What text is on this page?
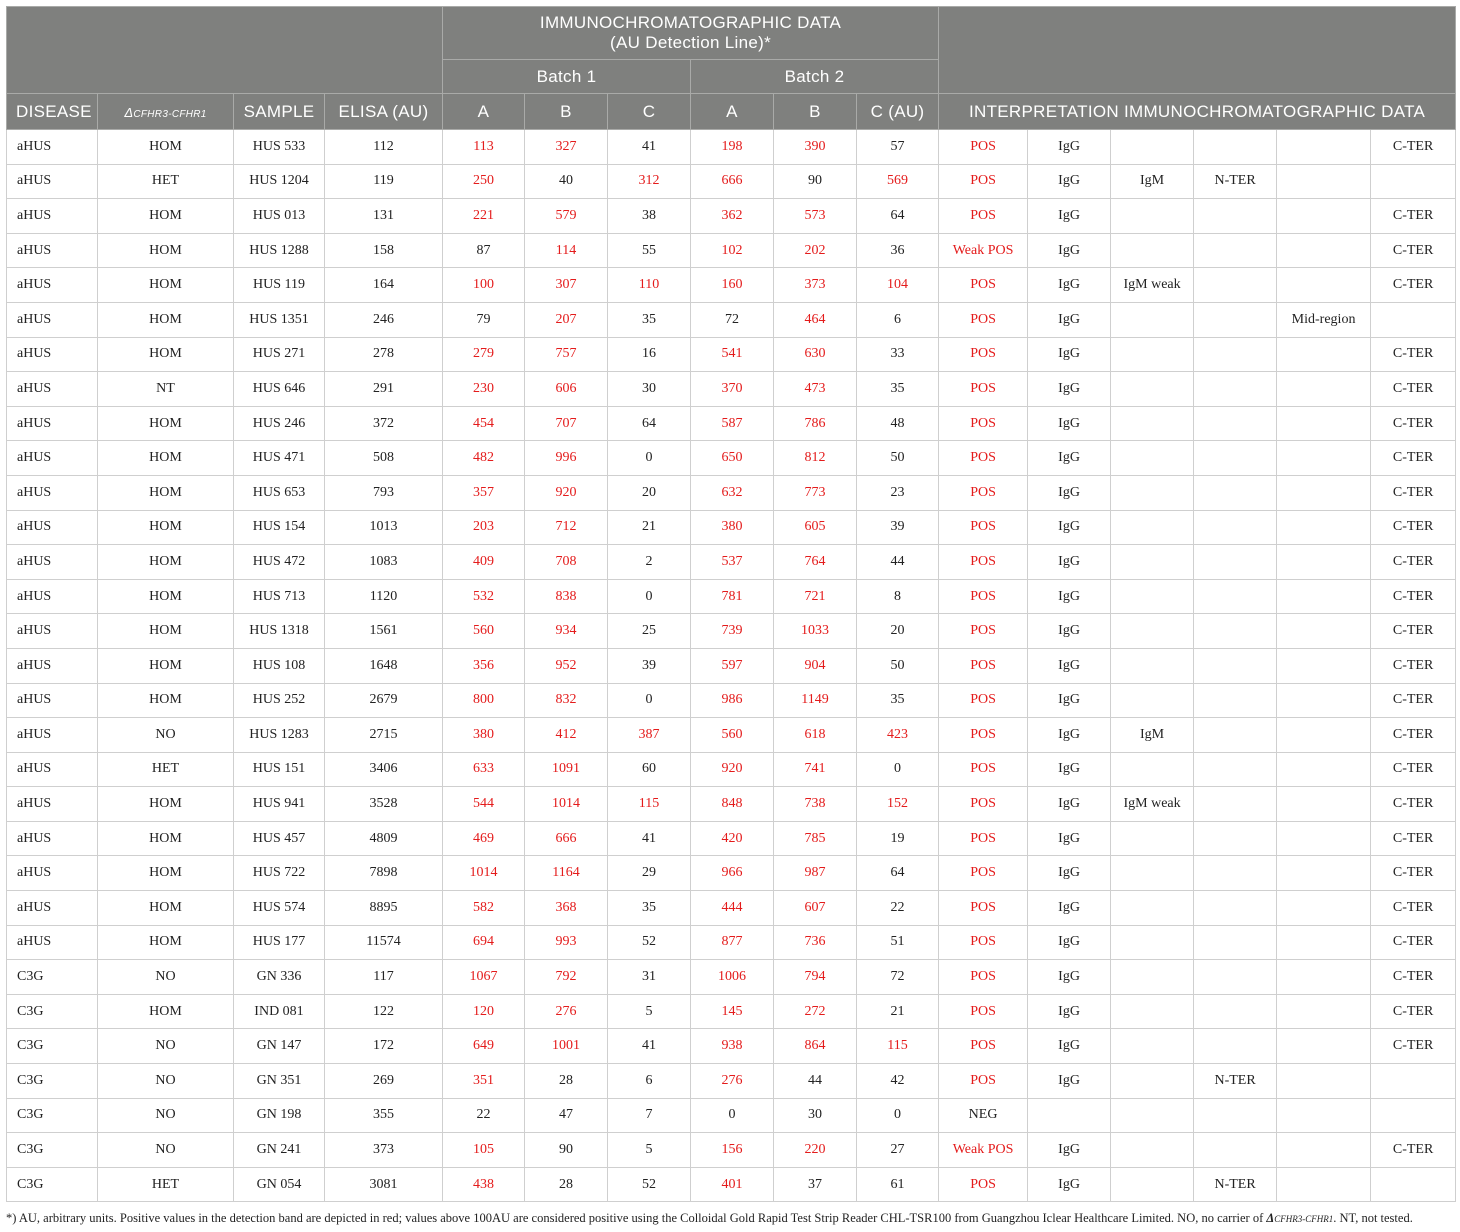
				IMMUNOCHROMATOGRAPHIC DATA
(AU Detection Line)*											
				Batch 1			Batch 2								
DISEASE	ΔCFHR3-CFHR1	SAMPLE	ELISA (AU)	A	B	C	A	B	C (AU)	INTERPRETATION IMMUNOCHROMATOGRAPHIC DATA					
aHUS	HOM	HUS 533	112	113	327	41	198	390	57	POS	IgG				C-TER
aHUS	HET	HUS 1204	119	250	40	312	666	90	569	POS	IgG	IgM	N-TER		
aHUS	HOM	HUS 013	131	221	579	38	362	573	64	POS	IgG				C-TER
aHUS	HOM	HUS 1288	158	87	114	55	102	202	36	Weak POS	IgG				C-TER
aHUS	HOM	HUS 119	164	100	307	110	160	373	104	POS	IgG	IgM weak			C-TER
aHUS	HOM	HUS 1351	246	79	207	35	72	464	6	POS	IgG			Mid-region	
aHUS	HOM	HUS 271	278	279	757	16	541	630	33	POS	IgG				C-TER
aHUS	NT	HUS 646	291	230	606	30	370	473	35	POS	IgG				C-TER
aHUS	HOM	HUS 246	372	454	707	64	587	786	48	POS	IgG				C-TER
aHUS	HOM	HUS 471	508	482	996	0	650	812	50	POS	IgG				C-TER
aHUS	HOM	HUS 653	793	357	920	20	632	773	23	POS	IgG				C-TER
aHUS	HOM	HUS 154	1013	203	712	21	380	605	39	POS	IgG				C-TER
aHUS	HOM	HUS 472	1083	409	708	2	537	764	44	POS	IgG				C-TER
aHUS	HOM	HUS 713	1120	532	838	0	781	721	8	POS	IgG				C-TER
aHUS	HOM	HUS 1318	1561	560	934	25	739	1033	20	POS	IgG				C-TER
aHUS	HOM	HUS 108	1648	356	952	39	597	904	50	POS	IgG				C-TER
aHUS	HOM	HUS 252	2679	800	832	0	986	1149	35	POS	IgG				C-TER
aHUS	NO	HUS 1283	2715	380	412	387	560	618	423	POS	IgG	IgM			C-TER
aHUS	HET	HUS 151	3406	633	1091	60	920	741	0	POS	IgG				C-TER
aHUS	HOM	HUS 941	3528	544	1014	115	848	738	152	POS	IgG	IgM weak			C-TER
aHUS	HOM	HUS 457	4809	469	666	41	420	785	19	POS	IgG				C-TER
aHUS	HOM	HUS 722	7898	1014	1164	29	966	987	64	POS	IgG				C-TER
aHUS	HOM	HUS 574	8895	582	368	35	444	607	22	POS	IgG				C-TER
aHUS	HOM	HUS 177	11574	694	993	52	877	736	51	POS	IgG				C-TER
C3G	NO	GN 336	117	1067	792	31	1006	794	72	POS	IgG				C-TER
C3G	HOM	IND 081	122	120	276	5	145	272	21	POS	IgG				C-TER
C3G	NO	GN 147	172	649	1001	41	938	864	115	POS	IgG				C-TER
C3G	NO	GN 351	269	351	28	6	276	44	42	POS	IgG		N-TER		
C3G	NO	GN 198	355	22	47	7	0	30	0	NEG					
C3G	NO	GN 241	373	105	90	5	156	220	27	Weak POS	IgG				C-TER
C3G	HET	GN 054	3081	438	28	52	401	37	61	POS	IgG		N-TER		
*) AU, arbitrary units. Positive values in the detection band are depicted in red; values above 100AU are considered positive using the Colloidal Gold Rapid Test Strip Reader CHL-TSR100 from Guangzhou Iclear Healthcare Limited. NO, no carrier of ΔCFHR3-CFHR1. NT, not tested.
